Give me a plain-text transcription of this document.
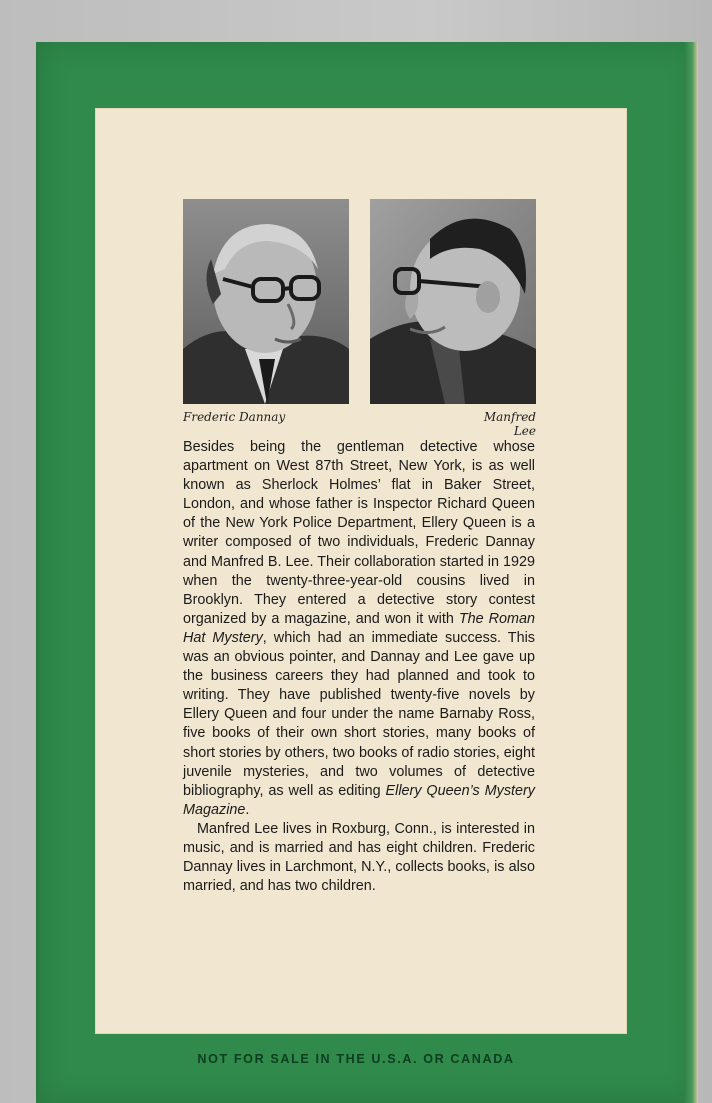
Frederic Dannay	Manfred Lee

Besides being the gentleman detective whose apartment on West 87th Street, New York, is as well known as Sherlock Holmes’ flat in Baker Street, London, and whose father is Inspector Richard Queen of the New York Police Department, Ellery Queen is a writer composed of two individuals, Frederic Dannay and Manfred B. Lee. Their collaboration started in 1929 when the twenty-three-year-old cousins lived in Brooklyn. They entered a detective story contest organized by a magazine, and won it with The Roman Hat Mystery, which had an immediate success. This was an obvious pointer, and Dannay and Lee gave up the business careers they had planned and took to writing. They have published twenty-five novels by Ellery Queen and four under the name Barnaby Ross, five books of their own short stories, many books of short stories by others, two books of radio stories, eight juvenile mysteries, and two volumes of detective bibliography, as well as editing Ellery Queen’s Mystery Magazine.

Manfred Lee lives in Roxburg, Conn., is interested in music, and is married and has eight children. Frederic Dannay lives in Larchmont, N.Y., collects books, is also married, and has two children.

NOT FOR SALE IN THE U.S.A. OR CANADA
